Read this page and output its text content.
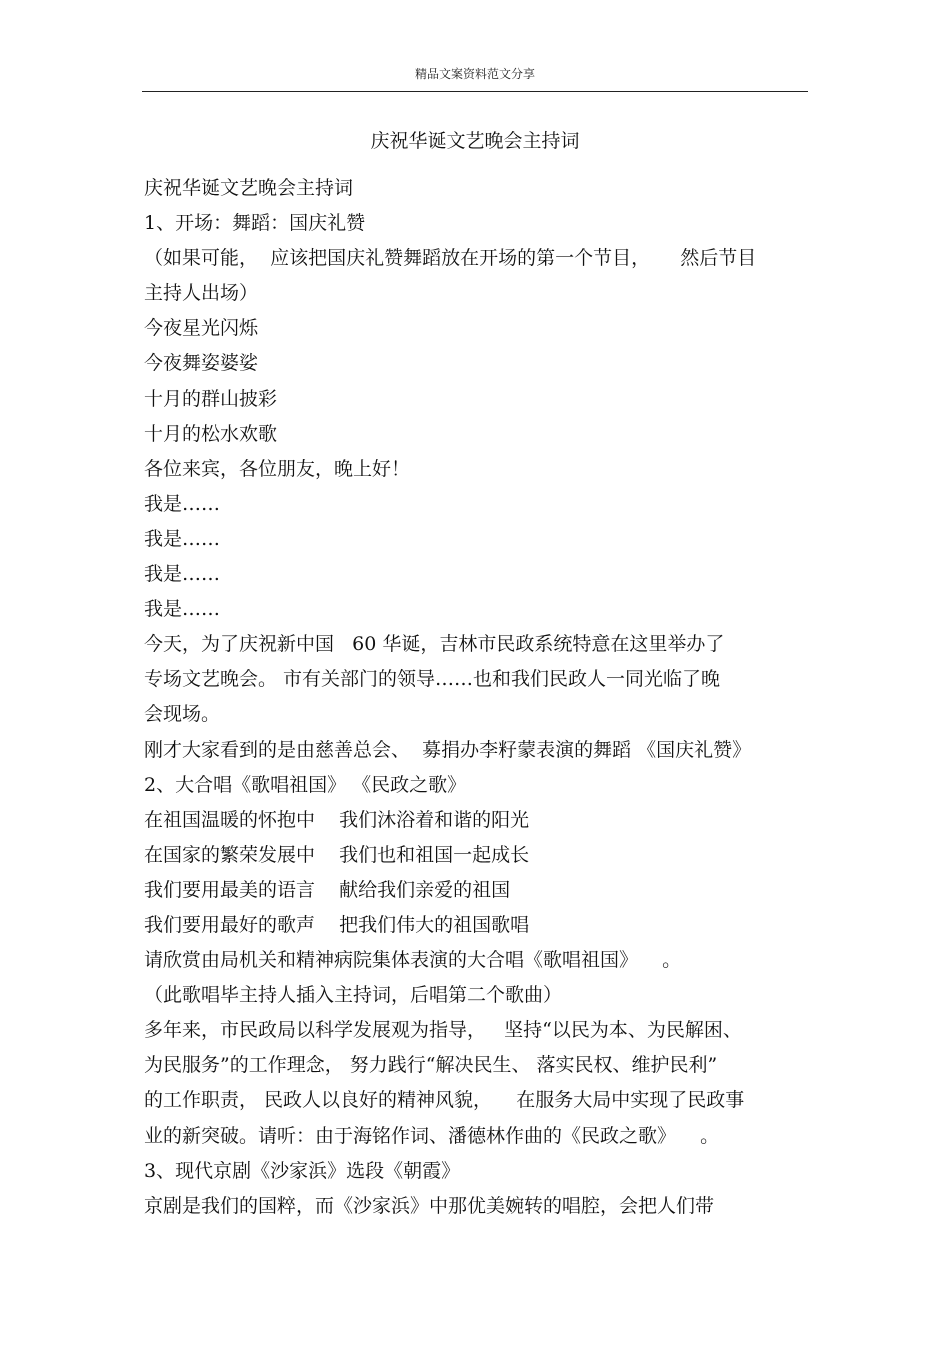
精品文案资料范文分享
庆祝华诞文艺晚会主持词
庆祝华诞文艺晚会主持词
1、开场：舞蹈：国庆礼赞
（如果可能，  应该把国庆礼赞舞蹈放在开场的第一个节目，     然后节目
主持人出场）
今夜星光闪烁
今夜舞姿婆娑
十月的群山披彩
十月的松水欢歌
各位来宾，各位朋友，晚上好！
我是……
我是……
我是……
我是……
今天，为了庆祝新中国   60 华诞，吉林市民政系统特意在这里举办了
专场文艺晚会。 市有关部门的领导……也和我们民政人一同光临了晚
会现场。
刚才大家看到的是由慈善总会、  募捐办李籽蒙表演的舞蹈 《国庆礼赞》
2、大合唱《歌唱祖国》 《民政之歌》
在祖国温暖的怀抱中    我们沐浴着和谐的阳光
在国家的繁荣发展中    我们也和祖国一起成长
我们要用最美的语言    献给我们亲爱的祖国
我们要用最好的歌声    把我们伟大的祖国歌唱
请欣赏由局机关和精神病院集体表演的大合唱《歌唱祖国》    。
（此歌唱毕主持人插入主持词，后唱第二个歌曲）
多年来，市民政局以科学发展观为指导，   坚持“以民为本、为民解困、
为民服务”的工作理念， 努力践行“解决民生、 落实民权、维护民利”
的工作职责， 民政人以良好的精神风貌，    在服务大局中实现了民政事
业的新突破。请听：由于海铭作词、潘德林作曲的《民政之歌》    。
3、现代京剧《沙家浜》选段《朝霞》
京剧是我们的国粹，而《沙家浜》中那优美婉转的唱腔，会把人们带
